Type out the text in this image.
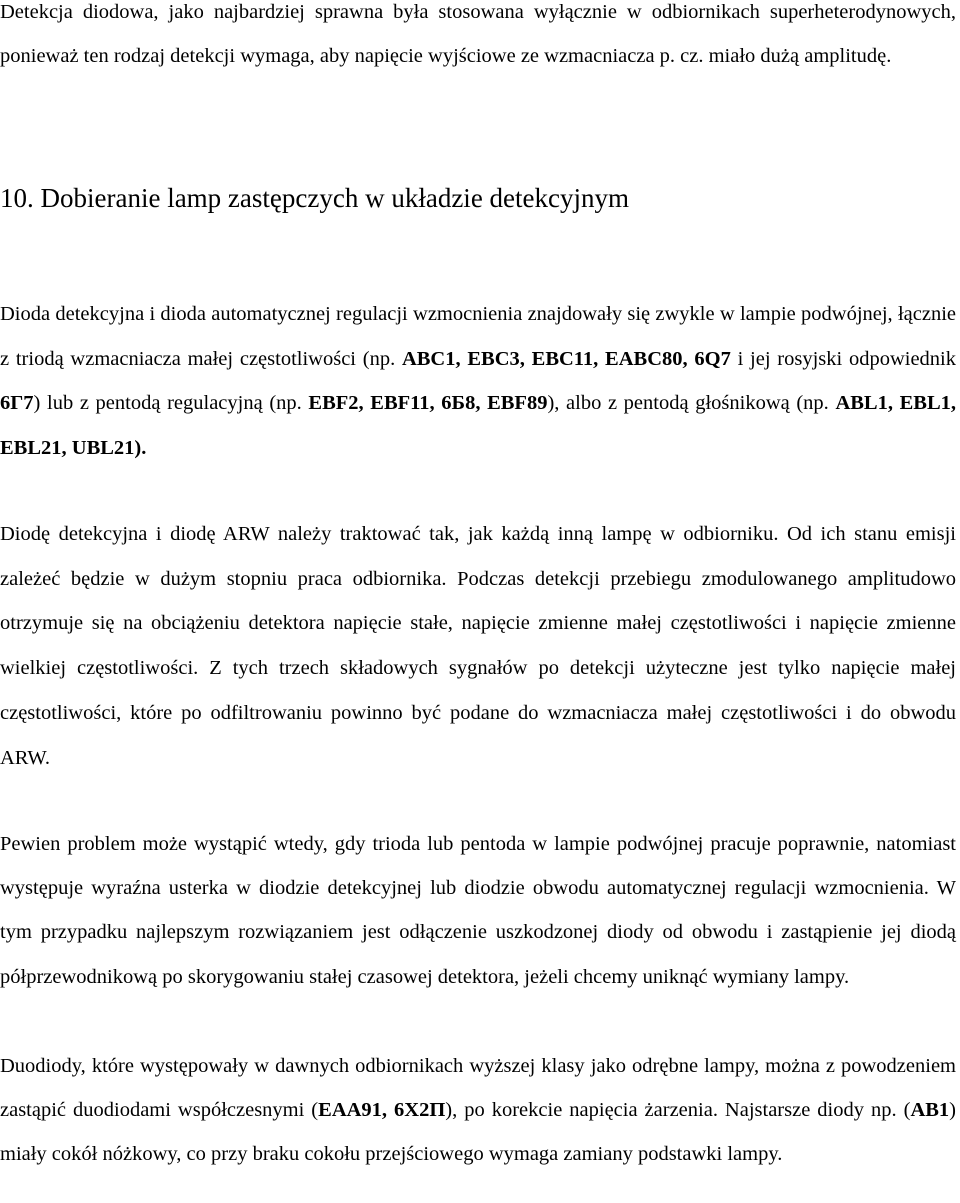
Detekcja diodowa, jako najbardziej sprawna była stosowana wyłącznie w odbiornikach superheterodynowych, ponieważ ten rodzaj detekcji wymaga, aby napięcie wyjściowe ze wzmacniacza p. cz. miało dużą amplitudę.

10. Dobieranie lamp zastępczych w układzie detekcyjnym

Dioda detekcyjna i dioda automatycznej regulacji wzmocnienia znajdowały się zwykle w lampie podwójnej, łącznie z triodą wzmacniacza małej częstotliwości (np. ABC1, EBC3, EBC11, EABC80, 6Q7 i jej rosyjski odpowiednik 6Г7) lub z pentodą regulacyjną (np. EBF2, EBF11, 6Б8, EBF89), albo z pentodą głośnikową (np. ABL1, EBL1, EBL21, UBL21).

Diodę detekcyjna i diodę ARW należy traktować tak, jak każdą inną lampę w odbiorniku. Od ich stanu emisji zależeć będzie w dużym stopniu praca odbiornika. Podczas detekcji przebiegu zmodulowanego amplitudowo otrzymuje się na obciążeniu detektora napięcie stałe, napięcie zmienne małej częstotliwości i napięcie zmienne wielkiej częstotliwości. Z tych trzech składowych sygnałów po detekcji użyteczne jest tylko napięcie małej częstotliwości, które po odfiltrowaniu powinno być podane do wzmacniacza małej częstotliwości i do obwodu ARW.

Pewien problem może wystąpić wtedy, gdy trioda lub pentoda w lampie podwójnej pracuje poprawnie, natomiast występuje wyraźna usterka w diodzie detekcyjnej lub diodzie obwodu automatycznej regulacji wzmocnienia. W tym przypadku najlepszym rozwiązaniem jest odłączenie uszkodzonej diody od obwodu i zastąpienie jej diodą półprzewodnikową po skorygowaniu stałej czasowej detektora, jeżeli chcemy uniknąć wymiany lampy.

Duodiody, które występowały w dawnych odbiornikach wyższej klasy jako odrębne lampy, można z powodzeniem zastąpić duodiodami współczesnymi (EAA91, 6X2П), po korekcie napięcia żarzenia. Najstarsze diody np. (AB1) miały cokół nóżkowy, co przy braku cokołu przejściowego wymaga zamiany podstawki lampy.
